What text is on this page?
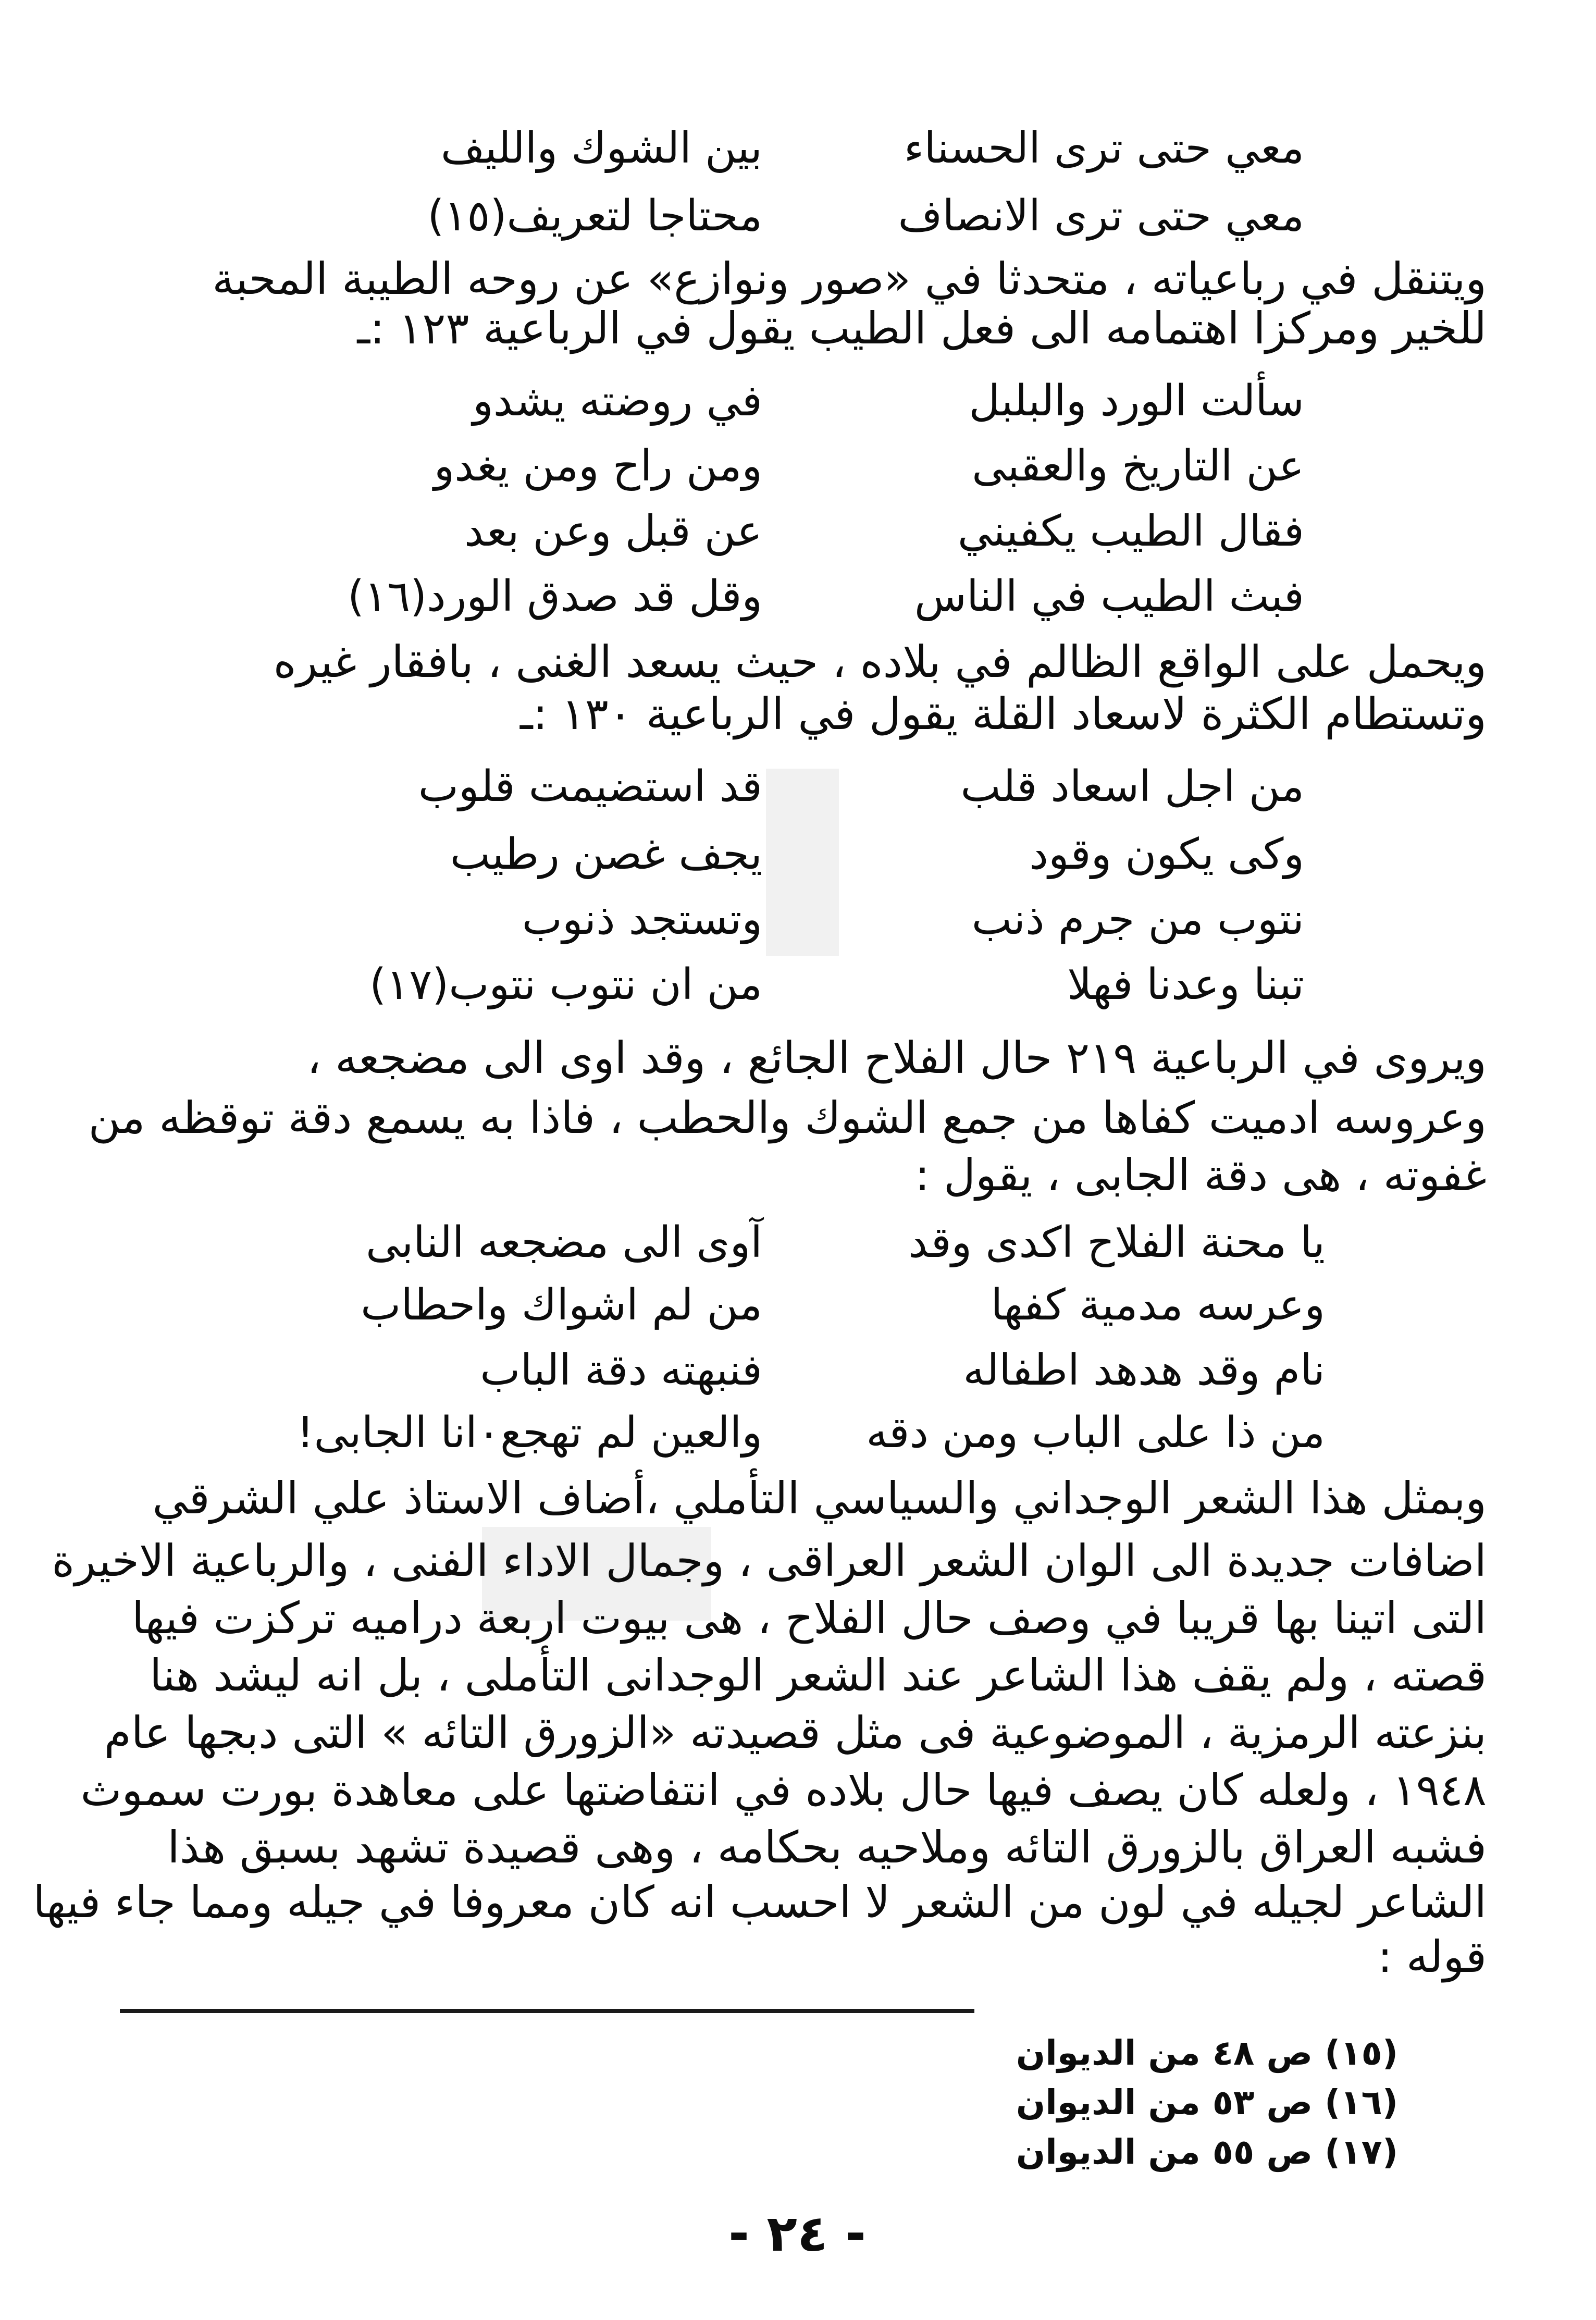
معي حتى ترى الحسناء
بين الشوك والليف
معي حتى ترى الانصاف
محتاجا لتعريف(١٥)
ويتنقل في رباعياته ، متحدثا في «صور ونوازع» عن روحه الطيبة المحبة
للخير ومركزا اهتمامه الى فعل الطيب يقول في الرباعية ١٢٣ :ـ
سألت الورد والبلبل
في روضته يشدو
عن التاريخ والعقبى
ومن راح ومن يغدو
فقال الطيب يكفيني
عن قبل وعن بعد
فبث الطيب في الناس
وقل قد صدق الورد(١٦)
ويحمل على الواقع الظالم في بلاده ، حيث يسعد الغنى ، بافقار غيره
وتستطام الكثرة لاسعاد القلة يقول في الرباعية ١٣٠ :ـ
من اجل اسعاد قلب
قد استضيمت قلوب
وكى يكون وقود
يجف غصن رطيب
نتوب من جرم ذنب
وتستجد ذنوب
تبنا وعدنا فهلا
من ان نتوب نتوب(١٧)
ويروى في الرباعية ٢١٩ حال الفلاح الجائع ، وقد اوى الى مضجعه ،
وعروسه ادميت كفاها من جمع الشوك والحطب ، فاذا به يسمع دقة توقظه من
غفوته ، هى دقة الجابى ، يقول :
يا محنة الفلاح اكدى وقد
آوى الى مضجعه النابى
وعرسه مدمية كفها
من لم اشواك واحطاب
نام وقد هدهد اطفاله
فنبهته دقة الباب
من ذا على الباب ومن دقه
والعين لم تهجع٠انا الجابى!
وبمثل هذا الشعر الوجداني والسياسي التأملي ،أضاف الاستاذ علي الشرقي
اضافات جديدة الى الوان الشعر العراقى ، وجمال الاداء الفنى ، والرباعية الاخيرة
التى اتينا بها قريبا في وصف حال الفلاح ، هى بيوت اربعة دراميه تركزت فيها
قصته ، ولم يقف هذا الشاعر عند الشعر الوجدانى التأملى ، بل انه ليشد هنا
بنزعته الرمزية ، الموضوعية فى مثل قصيدته «الزورق التائه » التى دبجها عام
١٩٤٨ ، ولعله كان يصف فيها حال بلاده في انتفاضتها على معاهدة بورت سموث
فشبه العراق بالزورق التائه وملاحيه بحكامه ، وهى قصيدة تشهد بسبق هذا
الشاعر لجيله في لون من الشعر لا احسب انه كان معروفا في جيله ومما جاء فيها
قوله :
(١٥) ص ٤٨ من الديوان
(١٦) ص ٥٣ من الديوان
(١٧) ص ٥٥ من الديوان
- ٢٤ -
